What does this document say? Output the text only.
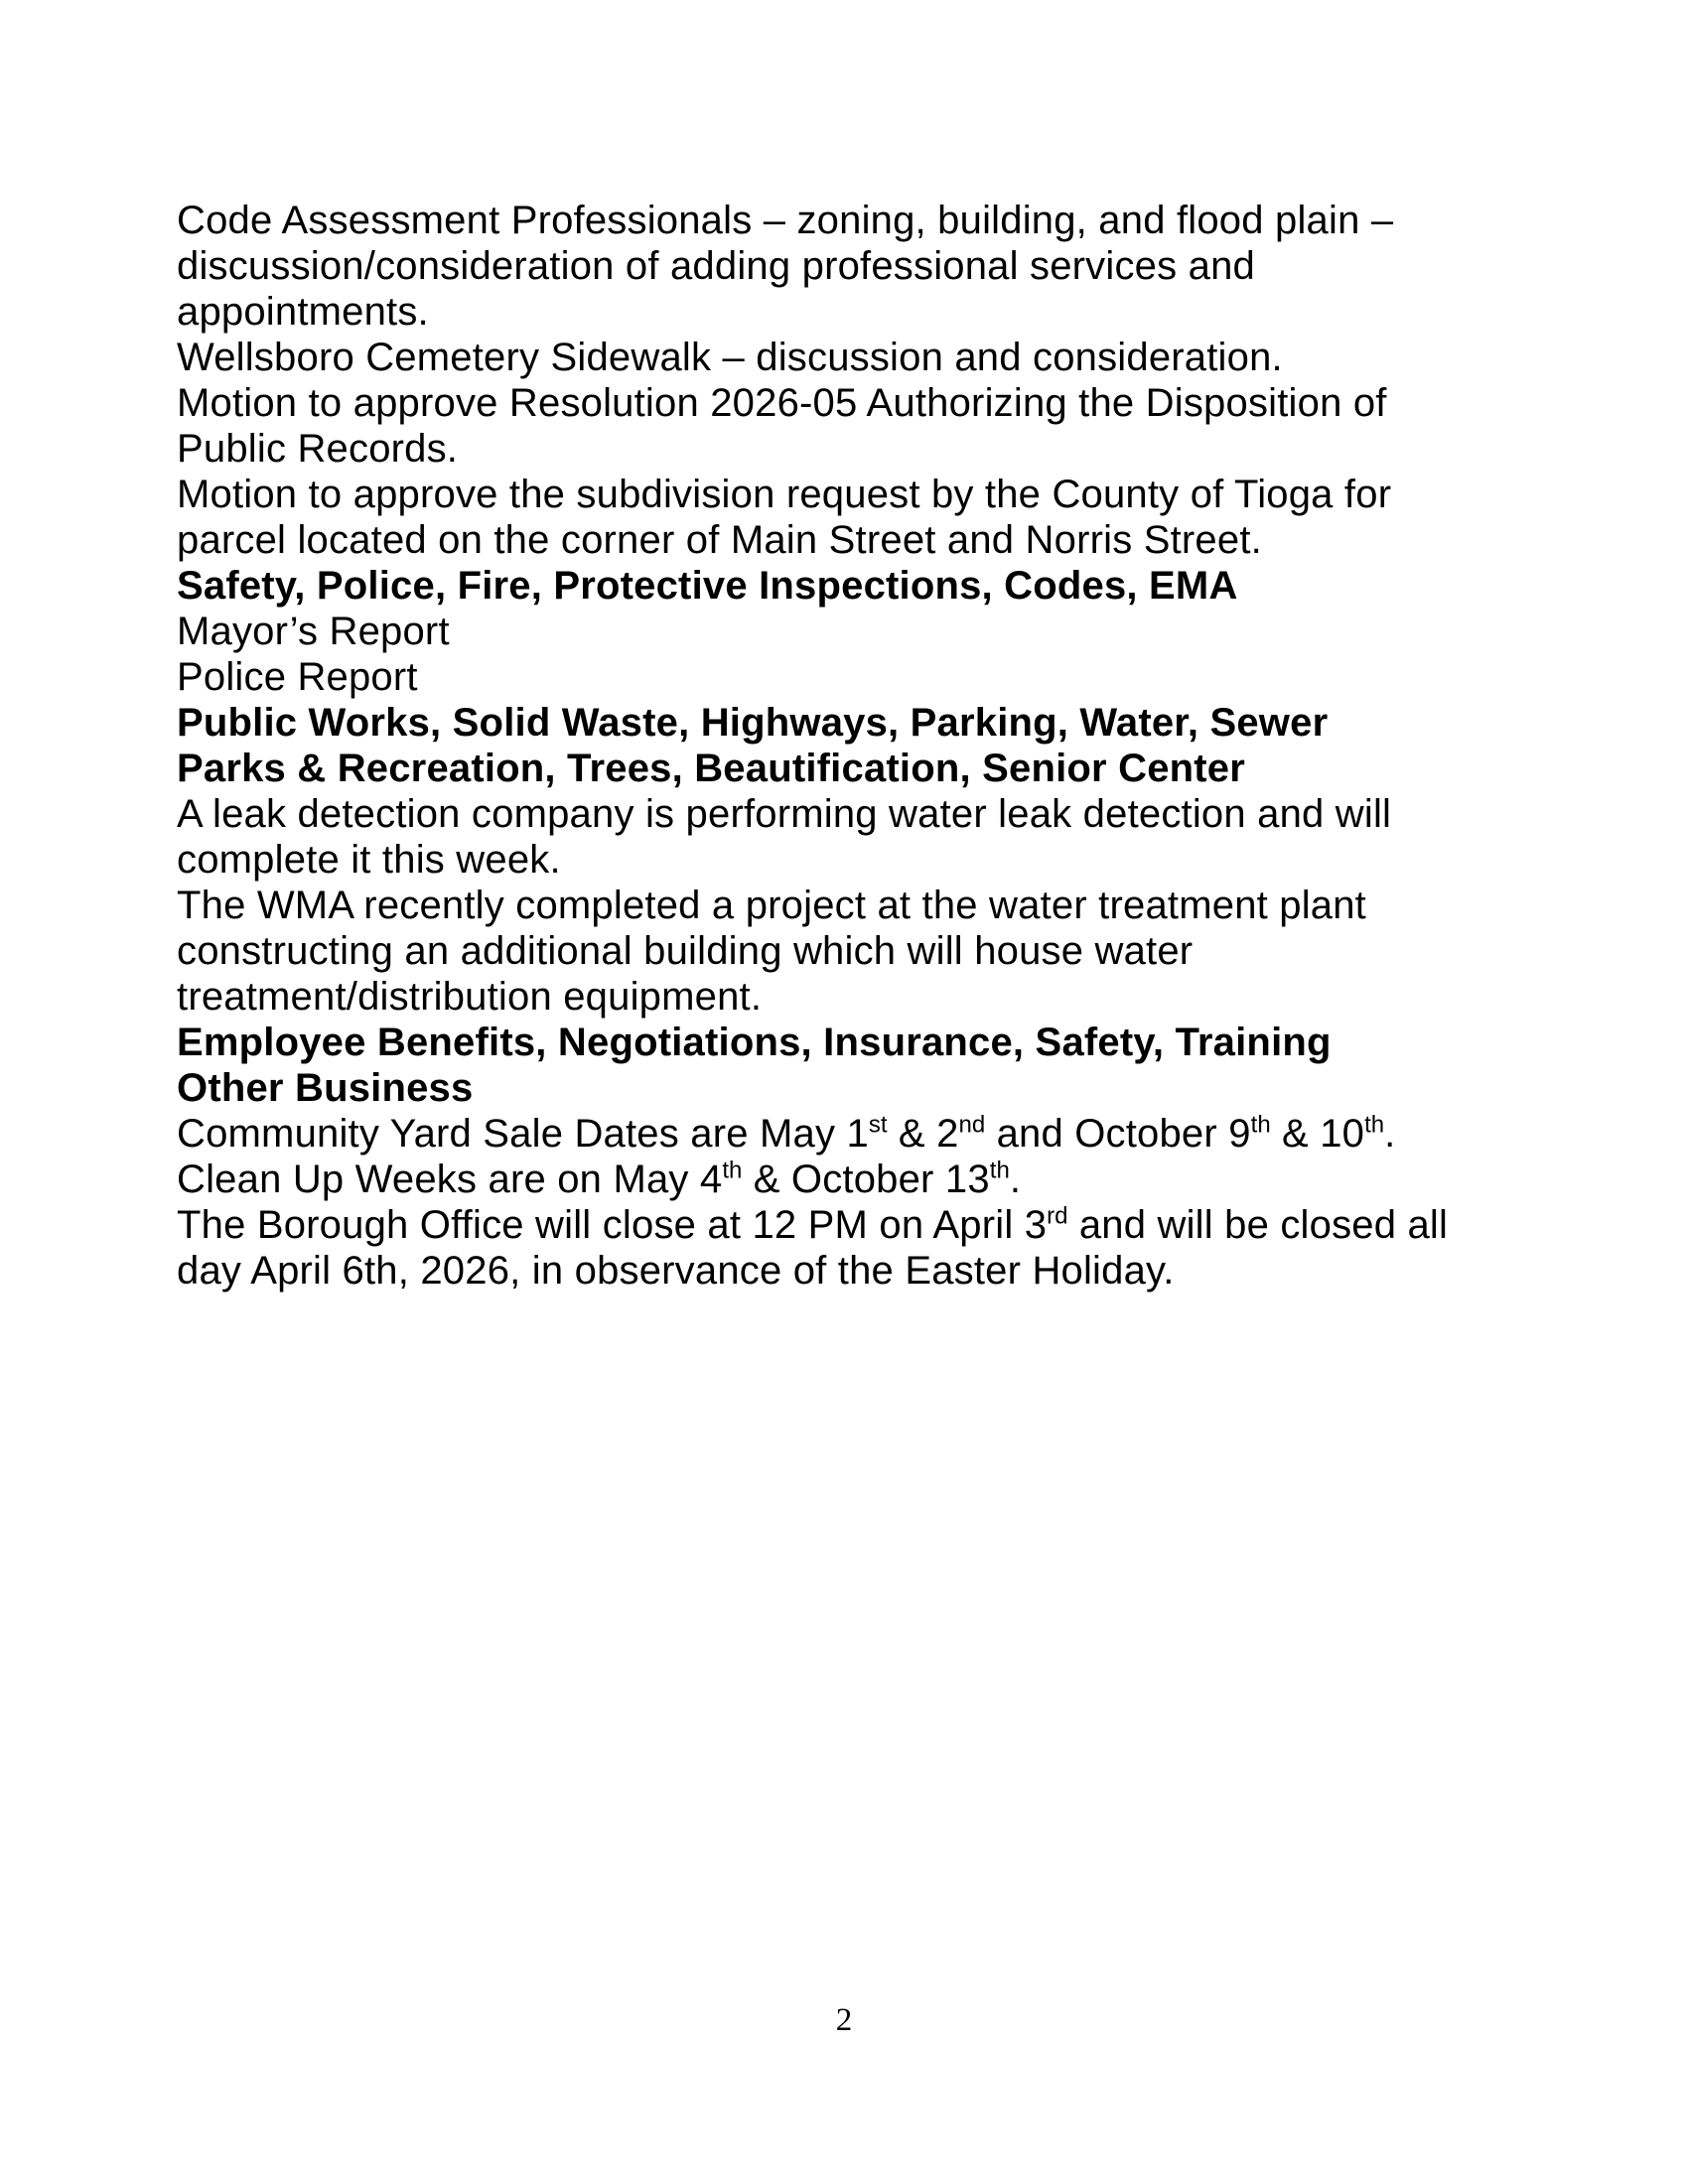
Code Assessment Professionals – zoning, building, and flood plain –
discussion/consideration of adding professional services and
appointments.

Wellsboro Cemetery Sidewalk – discussion and consideration.

Motion to approve Resolution 2026-05 Authorizing the Disposition of
Public Records.

Motion to approve the subdivision request by the County of Tioga for
parcel located on the corner of Main Street and Norris Street.

Safety, Police, Fire, Protective Inspections, Codes, EMA

Mayor’s Report

Police Report

Public Works, Solid Waste, Highways, Parking, Water, Sewer
Parks & Recreation, Trees, Beautification, Senior Center

A leak detection company is performing water leak detection and will
complete it this week.

The WMA recently completed a project at the water treatment plant
constructing an additional building which will house water
treatment/distribution equipment.

Employee Benefits, Negotiations, Insurance, Safety, Training

Other Business

Community Yard Sale Dates are May 1st & 2nd and October 9th & 10th.

Clean Up Weeks are on May 4th & October 13th.

The Borough Office will close at 12 PM on April 3rd and will be closed all
day April 6th, 2026, in observance of the Easter Holiday.

2
